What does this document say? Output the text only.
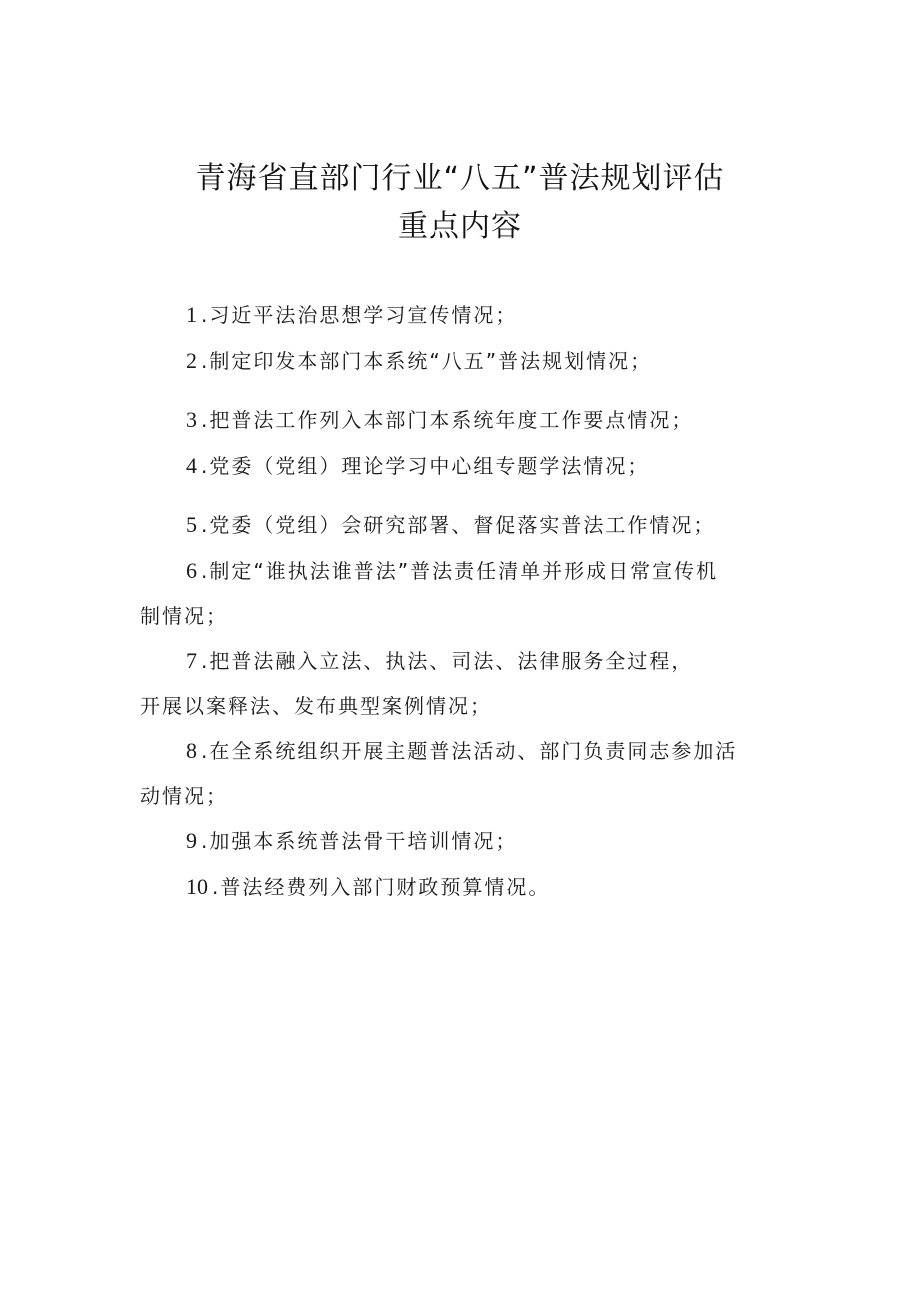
青海省直部门行业“八五”普法规划评估
重点内容
1 .习近平法治思想学习宣传情况；
2 .制定印发本部门本系统“八五”普法规划情况；
3 .把普法工作列入本部门本系统年度工作要点情况；
4 .党委（党组）理论学习中心组专题学法情况；
5 .党委（党组）会研究部署、督促落实普法工作情况；
6 .制定“谁执法谁普法”普法责任清单并形成日常宣传机
制情况；
7 .把普法融入立法、执法、司法、法律服务全过程，
开展以案释法、发布典型案例情况；
8 .在全系统组织开展主题普法活动、部门负责同志参加活
动情况；
9 .加强本系统普法骨干培训情况；
10 .普法经费列入部门财政预算情况。
